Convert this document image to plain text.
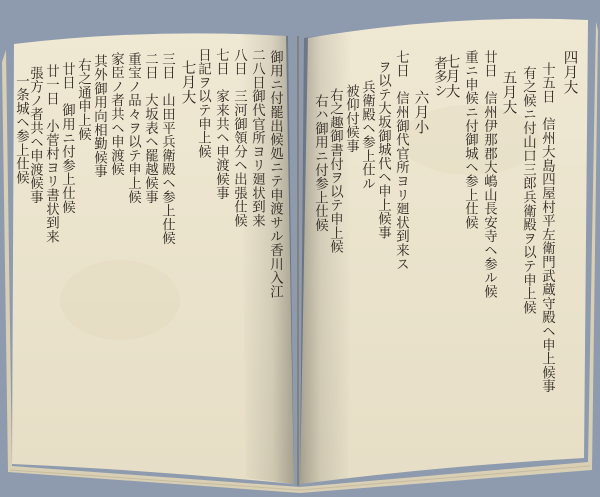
四月大
十五日　信州大島四屋村平左衛門武蔵守殿ヘ申上候事
有之候ニ付山口三郎兵衛殿ヲ以テ申上候
五月大
廿日　信州伊那郡大嶋山長安寺ヘ参ル候
重ニ申候ニ付御城ヘ参上仕候
七月大
者多シ
六月小
七日　信州御代官所ヨリ廻状到来ス
ヲ以テ大坂御城代ヘ申上候事
兵衛殿ヘ参上仕ル
被仰付候事
右之趣御書付ヲ以テ申上候
右ハ御用ニ付参上仕候
御用ニ付罷出候処ニテ申渡サル香川入江
二八日御代官所ヨリ廻状到来
八日　三河御領分ヘ出張仕候
七日　家来共ヘ申渡候事
日記ヲ以テ申上候
七月大
三日　山田平兵衛殿ヘ参上仕候
二日　大坂表ヘ罷越候事
重宝ノ品々ヲ以テ申上候
家臣ノ者共ヘ申渡候
其外御用向相勤候事
右之通申上候
廿日　御用ニ付参上仕候
廿一日　小菅村ヨリ書状到来
張方ノ者共ヘ申渡候事
一条城ヘ参上仕候
